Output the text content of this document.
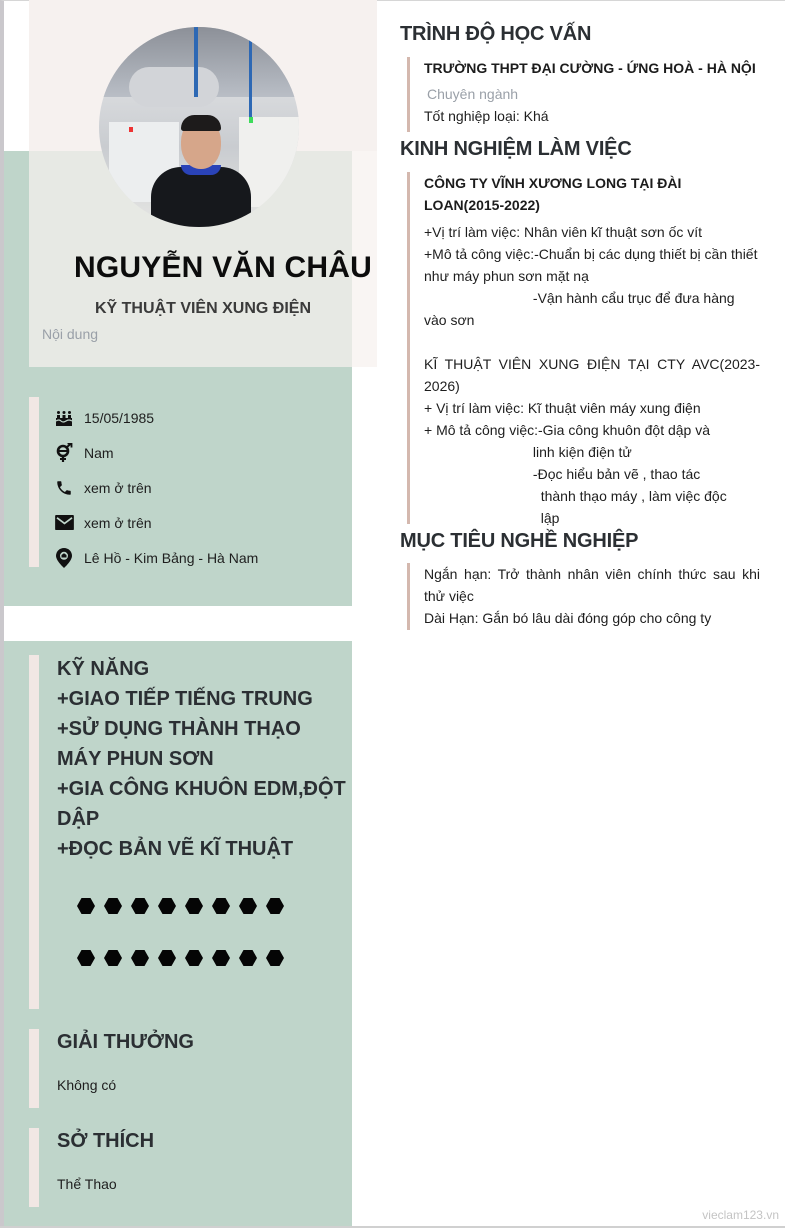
NGUYỄN VĂN CHÂU
KỸ THUẬT VIÊN XUNG ĐIỆN
Nội dung
15/05/1985
Nam
xem ở trên
xem ở trên
Lê Hồ - Kim Bảng - Hà Nam
KỸ NĂNG
+GIAO TIẾP TIẾNG TRUNG
+SỬ DỤNG THÀNH THẠO MÁY PHUN SƠN
+GIA CÔNG KHUÔN EDM,ĐỘT DẬP
+ĐỌC BẢN VẼ KĨ THUẬT
GIẢI THƯỞNG
Không có
SỞ THÍCH
Thể Thao
TRÌNH ĐỘ HỌC VẤN
TRƯỜNG THPT ĐẠI CƯỜNG - ỨNG HOÀ - HÀ NỘI
Chuyên ngành
Tốt nghiệp loại: Khá
KINH NGHIỆM LÀM VIỆC
CÔNG TY VĨNH XƯƠNG LONG TẠI ĐÀI LOAN(2015-2022)
+Vị trí làm việc: Nhân viên kĩ thuật sơn ốc vít
+Mô tả công việc:-Chuẩn bị các dụng thiết bị cần thiết như máy phun sơn mặt nạ
-Vận hành cẩu trục để đưa hàng vào sơn
KĨ THUẬT VIÊN XUNG ĐIỆN TẠI CTY AVC(2023-2026)
+ Vị trí làm việc: Kĩ thuật viên máy xung điện
+ Mô tả công việc:-Gia công khuôn đột dập và
linh kiện điện tử
-Đọc hiểu bản vẽ , thao tác
thành thạo máy , làm việc độc
lập
MỤC TIÊU NGHỀ NGHIỆP
Ngắn hạn: Trở thành nhân viên chính thức sau khi thử việc
Dài Hạn: Gắn bó lâu dài đóng góp cho công ty
vieclam123.vn
